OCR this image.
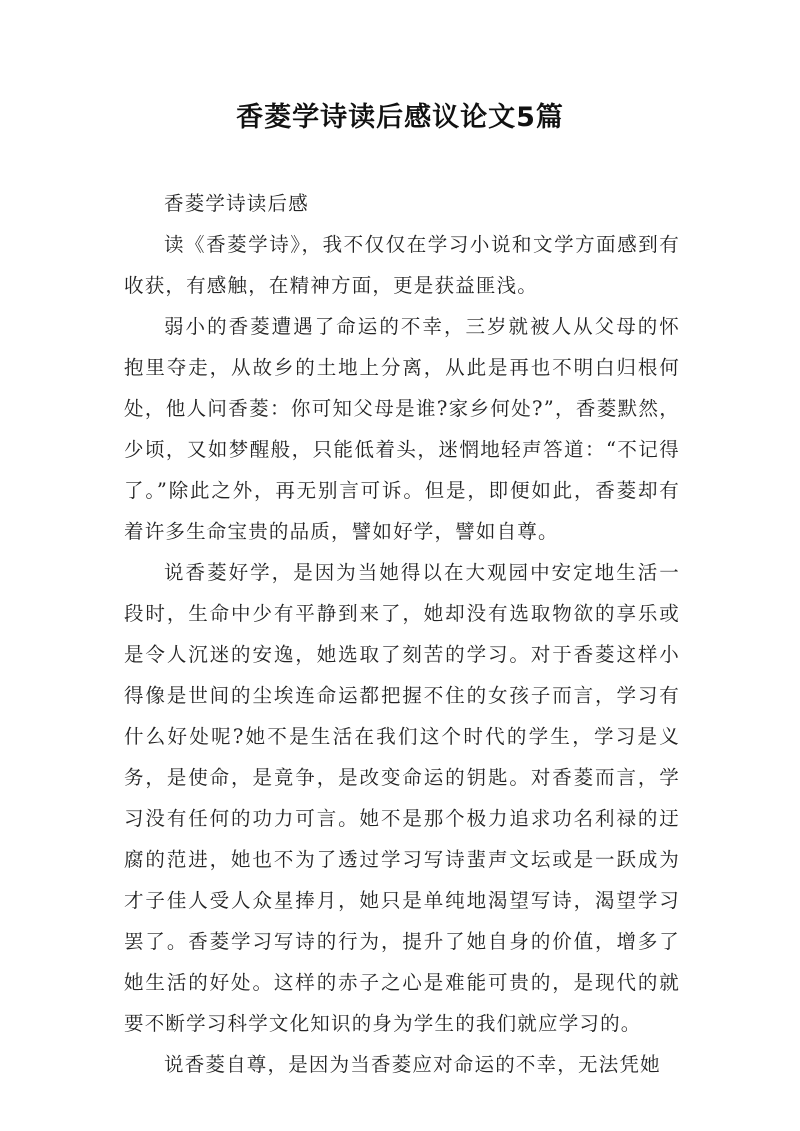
香菱学诗读后感议论文5篇

香菱学诗读后感

读《香菱学诗》，我不仅仅在学习小说和文学方面感到有收获，有感触，在精神方面，更是获益匪浅。

弱小的香菱遭遇了命运的不幸，三岁就被人从父母的怀抱里夺走，从故乡的土地上分离，从此是再也不明白归根何处，他人问香菱：你可知父母是谁?家乡何处?”，香菱默然，少顷，又如梦醒般，只能低着头，迷惘地轻声答道：“不记得了。”除此之外，再无别言可诉。但是，即便如此，香菱却有着许多生命宝贵的品质，譬如好学，譬如自尊。

说香菱好学，是因为当她得以在大观园中安定地生活一段时，生命中少有平静到来了，她却没有选取物欲的享乐或是令人沉迷的安逸，她选取了刻苦的学习。对于香菱这样小得像是世间的尘埃连命运都把握不住的女孩子而言，学习有什么好处呢?她不是生活在我们这个时代的学生，学习是义务，是使命，是竟争，是改变命运的钥匙。对香菱而言，学习没有任何的功力可言。她不是那个极力追求功名利禄的迂腐的范进，她也不为了透过学习写诗蜚声文坛或是一跃成为才子佳人受人众星捧月，她只是单纯地渴望写诗，渴望学习罢了。香菱学习写诗的行为，提升了她自身的价值，增多了她生活的好处。这样的赤子之心是难能可贵的，是现代的就要不断学习科学文化知识的身为学生的我们就应学习的。

说香菱自尊，是因为当香菱应对命运的不幸，无法凭她
